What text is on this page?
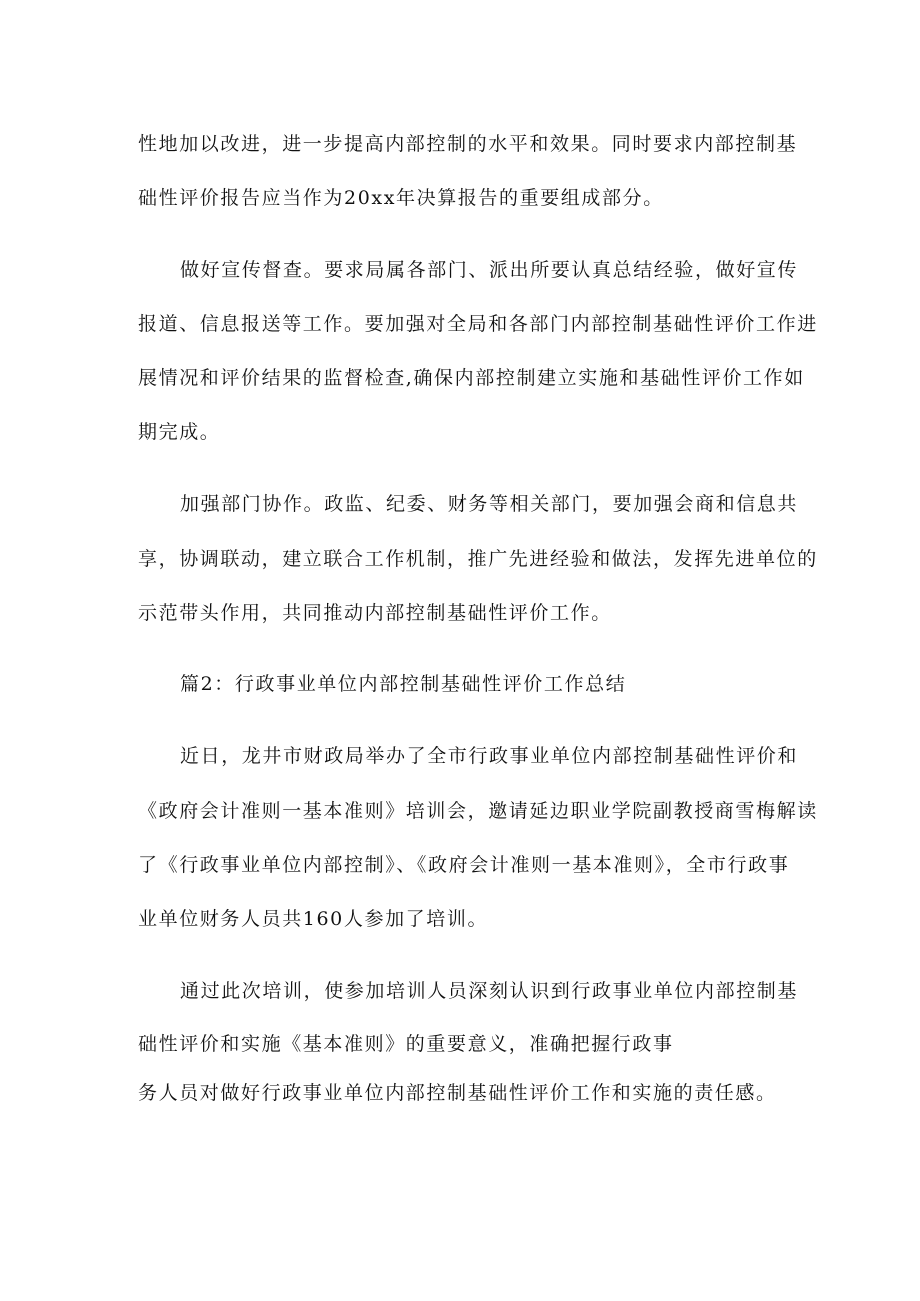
性地加以改进，进一步提高内部控制的水平和效果。同时要求内部控制基
础性评价报告应当作为20xx年决算报告的重要组成部分。
做好宣传督查。要求局属各部门、派出所要认真总结经验，做好宣传
报道、信息报送等工作。要加强对全局和各部门内部控制基础性评价工作进
展情况和评价结果的监督检查,确保内部控制建立实施和基础性评价工作如
期完成。
加强部门协作。政监、纪委、财务等相关部门，要加强会商和信息共
享，协调联动，建立联合工作机制，推广先进经验和做法，发挥先进单位的
示范带头作用，共同推动内部控制基础性评价工作。
篇2：行政事业单位内部控制基础性评价工作总结
近日，龙井市财政局举办了全市行政事业单位内部控制基础性评价和
《政府会计准则一基本准则》培训会，邀请延边职业学院副教授商雪梅解读
了《行政事业单位内部控制》、《政府会计准则一基本准则》，全市行政事
业单位财务人员共160人参加了培训。
通过此次培训，使参加培训人员深刻认识到行政事业单位内部控制基
础性评价和实施《基本准则》的重要意义，准确把握行政事
务人员对做好行政事业单位内部控制基础性评价工作和实施的责任感。
